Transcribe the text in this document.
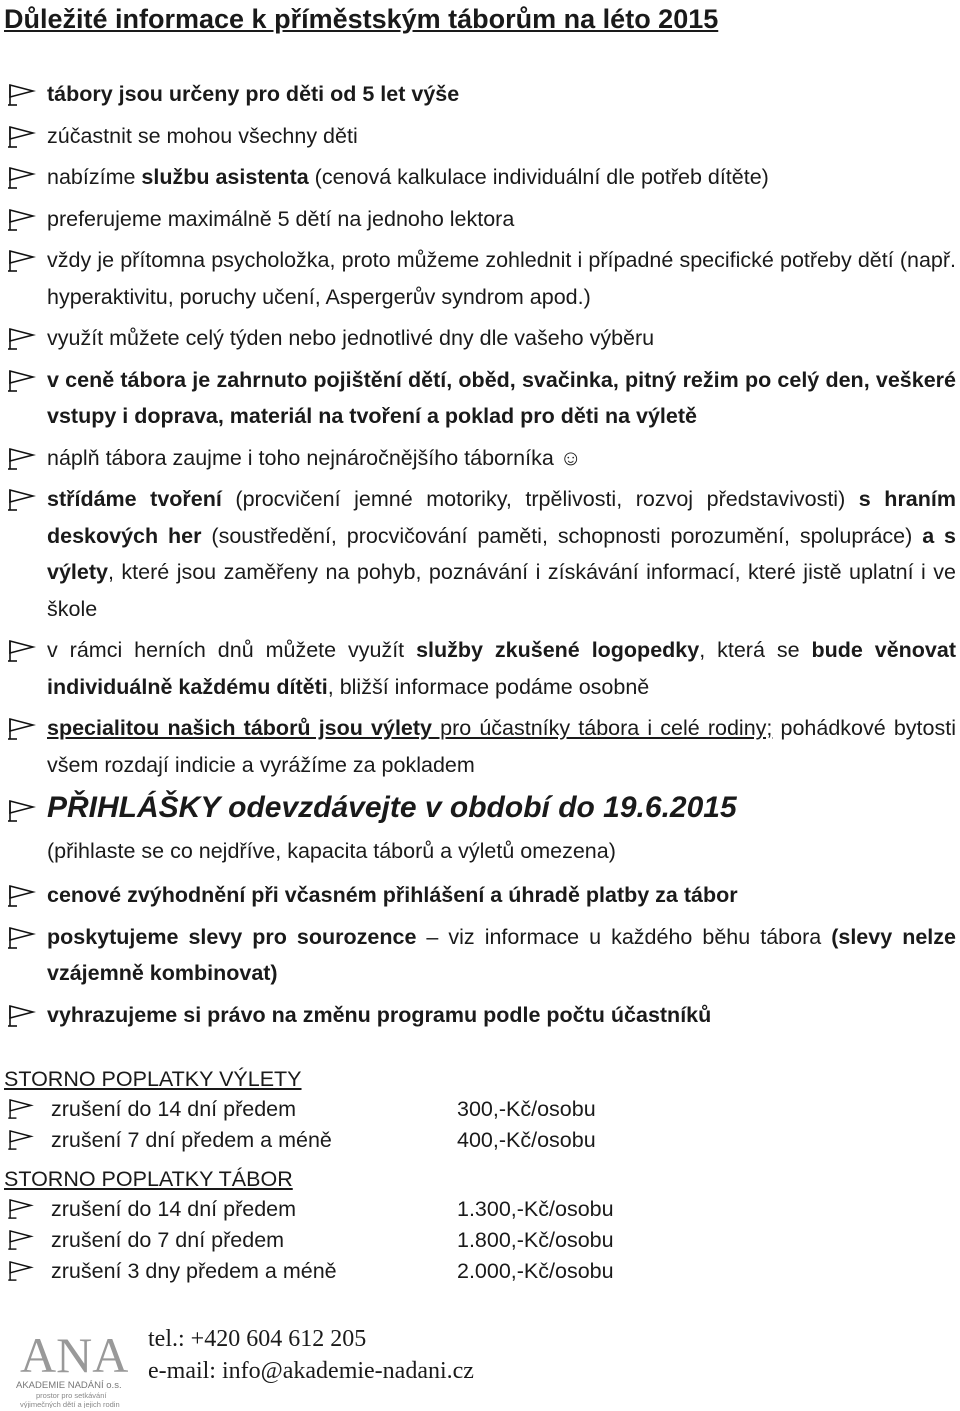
Důležité informace k příměstským táborům na léto 2015
tábory jsou určeny pro děti od 5 let výše
zúčastnit se mohou všechny děti
nabízíme službu asistenta (cenová kalkulace individuální dle potřeb dítěte)
preferujeme maximálně 5 dětí na jednoho lektora
vždy je přítomna psycholožka, proto můžeme zohlednit i případné specifické potřeby dětí (např. hyperaktivitu, poruchy učení, Aspergerův syndrom apod.)
využít můžete celý týden nebo jednotlivé dny dle vašeho výběru
v ceně tábora je zahrnuto pojištění dětí, oběd, svačinka, pitný režim po celý den, veškeré vstupy i doprava, materiál na tvoření a poklad pro děti na výletě
náplň tábora zaujme i toho nejnáročnějšího táborníka ☺
střídáme tvoření (procvičení jemné motoriky, trpělivosti, rozvoj představivosti) s hraním deskových her (soustředění, procvičování paměti, schopnosti porozumění, spolupráce) a s výlety, které jsou zaměřeny na pohyb, poznávání i získávání informací, které jistě uplatní i ve škole
v rámci herních dnů můžete využít služby zkušené logopedky, která se bude věnovat individuálně každému dítěti, bližší informace podáme osobně
specialitou našich táborů jsou výlety pro účastníky tábora i celé rodiny; pohádkové bytosti všem rozdají indicie a vyrážíme za pokladem
PŘIHLÁŠKY odevzdávejte v období do 19.6.2015
(přihlaste se co nejdříve, kapacita táborů a výletů omezena)
cenové zvýhodnění při včasném přihlášení a úhradě platby za tábor
poskytujeme slevy pro sourozence – viz informace u každého běhu tábora (slevy nelze vzájemně kombinovat)
vyhrazujeme si právo na změnu programu podle počtu účastníků
STORNO POPLATKY VÝLETY
zrušení do 14 dní předem	300,-Kč/osobu
zrušení 7 dní předem a méně	400,-Kč/osobu
STORNO POPLATKY TÁBOR
zrušení do 14 dní předem	1.300,-Kč/osobu
zrušení do 7 dní předem	1.800,-Kč/osobu
zrušení 3 dny předem a méně	2.000,-Kč/osobu
ANA
AKADEMIE NADÁNÍ o.s.
prostor pro setkávání
výjimečných dětí a jejich rodin
tel.: +420 604 612 205
e-mail: info@akademie-nadani.cz
